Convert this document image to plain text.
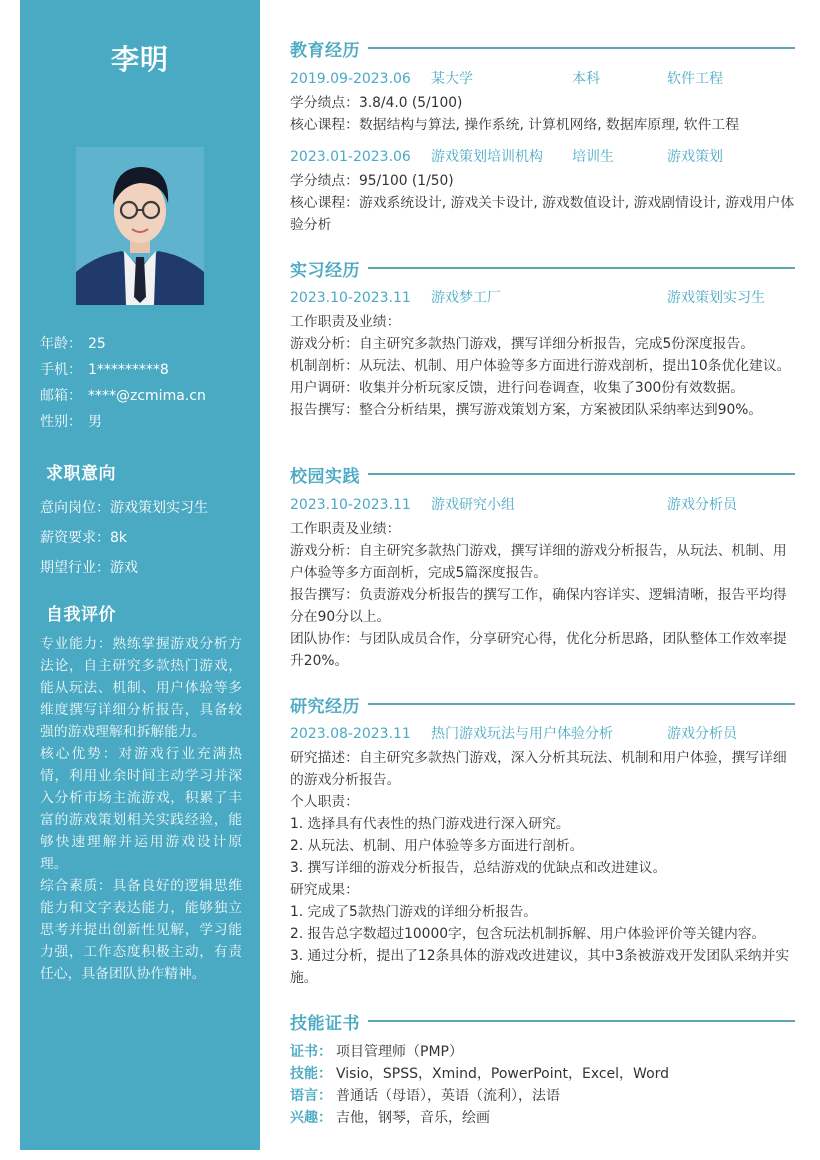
李明
年龄： 25
手机： 1*********8
邮箱： ****@zcmima.cn
性别： 男
求职意向
意向岗位：游戏策划实习生
薪资要求：8k
期望行业：游戏
自我评价

专业能力：熟练掌握游戏分析方法论，自主研究多款热门游戏，能从玩法、机制、用户体验等多维度撰写详细分析报告，具备较强的游戏理解和拆解能力。

核心优势：对游戏行业充满热情，利用业余时间主动学习并深入分析市场主流游戏，积累了丰富的游戏策划相关实践经验，能够快速理解并运用游戏设计原理。

综合素质：具备良好的逻辑思维能力和文字表达能力，能够独立思考并提出创新性见解，学习能力强，工作态度积极主动，有责任心，具备团队协作精神。

教育经历
2019.09-2023.06	某大学	本科	软件工程
学分绩点：3.8/4.0 (5/100)
核心课程：数据结构与算法, 操作系统, 计算机网络, 数据库原理, 软件工程
2023.01-2023.06	游戏策划培训机构	培训生	游戏策划
学分绩点：95/100 (1/50)
核心课程：游戏系统设计, 游戏关卡设计, 游戏数值设计, 游戏剧情设计, 游戏用户体验分析
实习经历
2023.10-2023.11	游戏梦工厂	游戏策划实习生
工作职责及业绩：
游戏分析：自主研究多款热门游戏，撰写详细分析报告，完成5份深度报告。
机制剖析：从玩法、机制、用户体验等多方面进行游戏剖析，提出10条优化建议。
用户调研：收集并分析玩家反馈，进行问卷调查，收集了300份有效数据。
报告撰写：整合分析结果，撰写游戏策划方案，方案被团队采纳率达到90%。
校园实践
2023.10-2023.11	游戏研究小组	游戏分析员
工作职责及业绩：
游戏分析：自主研究多款热门游戏，撰写详细的游戏分析报告，从玩法、机制、用户体验等多方面剖析，完成5篇深度报告。
报告撰写：负责游戏分析报告的撰写工作，确保内容详实、逻辑清晰，报告平均得分在90分以上。
团队协作：与团队成员合作，分享研究心得，优化分析思路，团队整体工作效率提升20%。
研究经历
2023.08-2023.11	热门游戏玩法与用户体验分析	游戏分析员
研究描述：自主研究多款热门游戏，深入分析其玩法、机制和用户体验，撰写详细的游戏分析报告。
个人职责：
1. 选择具有代表性的热门游戏进行深入研究。
2. 从玩法、机制、用户体验等多方面进行剖析。
3. 撰写详细的游戏分析报告，总结游戏的优缺点和改进建议。
研究成果：
1. 完成了5款热门游戏的详细分析报告。
2. 报告总字数超过10000字，包含玩法机制拆解、用户体验评价等关键内容。
3. 通过分析，提出了12条具体的游戏改进建议，其中3条被游戏开发团队采纳并实施。
技能证书
证书： 项目管理师（PMP）
技能： Visio，SPSS，Xmind，PowerPoint，Excel，Word
语言： 普通话（母语），英语（流利），法语
兴趣： 吉他，钢琴，音乐，绘画
